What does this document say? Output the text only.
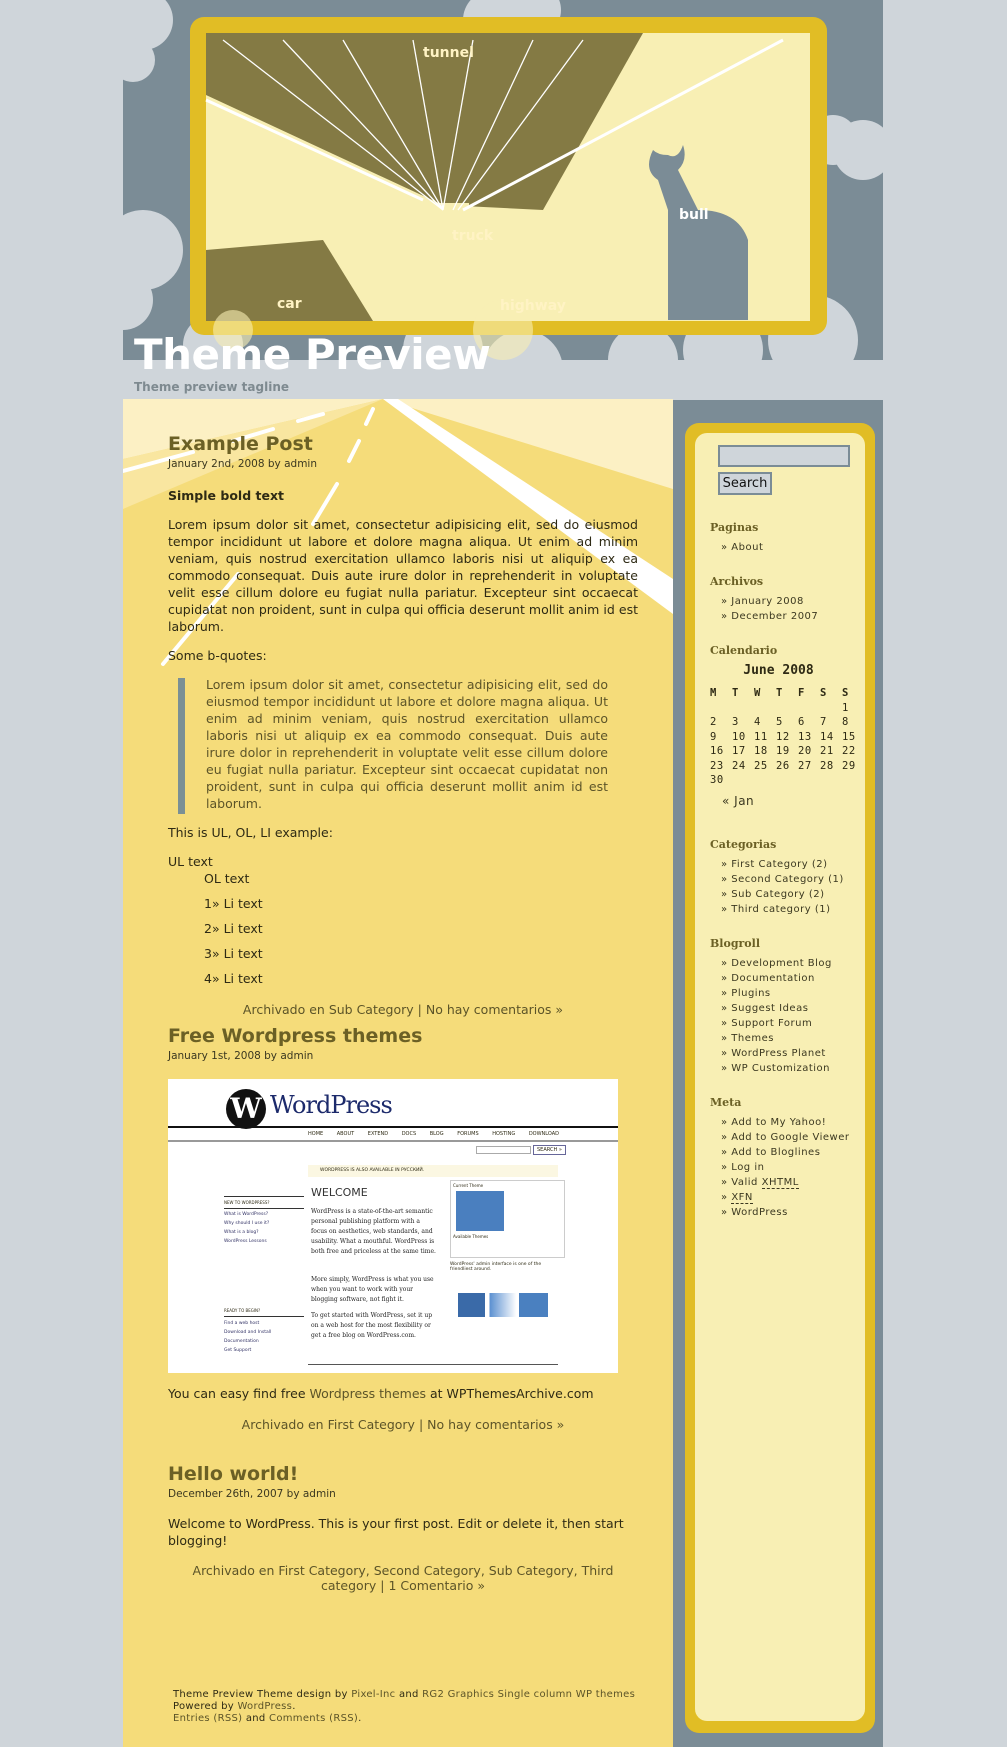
tunnel
truck
car	highway
bull
Theme Preview
Theme preview tagline
Example Post
January 2nd, 2008 by admin

Simple bold text

Lorem ipsum dolor sit amet, consectetur adipisicing elit, sed do eiusmod tempor incididunt ut labore et dolore magna aliqua. Ut enim ad minim veniam, quis nostrud exercitation ullamco laboris nisi ut aliquip ex ea commodo consequat. Duis aute irure dolor in reprehenderit in voluptate velit esse cillum dolore eu fugiat nulla pariatur. Excepteur sint occaecat cupidatat non proident, sunt in culpa qui officia deserunt mollit anim id est laborum.

Some b-quotes:

Lorem ipsum dolor sit amet, consectetur adipisicing elit, sed do eiusmod tempor incididunt ut labore et dolore magna aliqua. Ut enim ad minim veniam, quis nostrud exercitation ullamco laboris nisi ut aliquip ex ea commodo consequat. Duis aute irure dolor in reprehenderit in voluptate velit esse cillum dolore eu fugiat nulla pariatur. Excepteur sint occaecat cupidatat non proident, sunt in culpa qui officia deserunt mollit anim id est laborum.

This is UL, OL, LI example:

UL text
OL text
1» Li text
2» Li text
3» Li text
4» Li text
Archivado en Sub Category | No hay comentarios »
Free Wordpress themes
January 1st, 2008 by admin
W WordPress
HOME	ABOUT	EXTEND	DOCS	BLOG	FORUMS	HOSTING	DOWNLOAD
SEARCH »
WORDPRESS IS ALSO AVAILABLE IN РУССКИЙ.
WELCOME
WordPress is a state-of-the-art semantic personal publishing platform with a focus on aesthetics, web standards, and usability. What a mouthful. WordPress is both free and priceless at the same time.
More simply, WordPress is what you use when you want to work with your blogging software, not fight it.
To get started with WordPress, set it up on a web host for the most flexibility or get a free blog on WordPress.com.
NEW TO WORDPRESS?
What is WordPress?
Why should I use it?
What is a blog?
WordPress Lessons
READY TO BEGIN?
Find a web host
Download and Install
Documentation
Get Support
Current Theme
Available Themes
WordPress' admin interface is one of the friendliest around.

You can easy find free Wordpress themes at WPThemesArchive.com

Archivado en First Category | No hay comentarios »
Hello world!
December 26th, 2007 by admin

Welcome to WordPress. This is your first post. Edit or delete it, then start blogging!

Archivado en First Category, Second Category, Sub Category, Third category | 1 Comentario »
Theme Preview Theme design by Pixel-Inc and RG2 Graphics Single column WP themes
Powered by WordPress.
Entries (RSS) and Comments (RSS).
Search
Paginas
» About
Archivos
» January 2008
» December 2007
Calendario
June 2008
M	T	W	T	F	S	S
						1
2	3	4	5	6	7	8
9	10	11	12	13	14	15
16	17	18	19	20	21	22
23	24	25	26	27	28	29
30						
« Jan
Categorias
» First Category (2)
» Second Category (1)
» Sub Category (2)
» Third category (1)
Blogroll
» Development Blog
» Documentation
» Plugins
» Suggest Ideas
» Support Forum
» Themes
» WordPress Planet
» WP Customization
Meta
» Add to My Yahoo!
» Add to Google Viewer
» Add to Bloglines
» Log in
» Valid XHTML
» XFN
» WordPress
